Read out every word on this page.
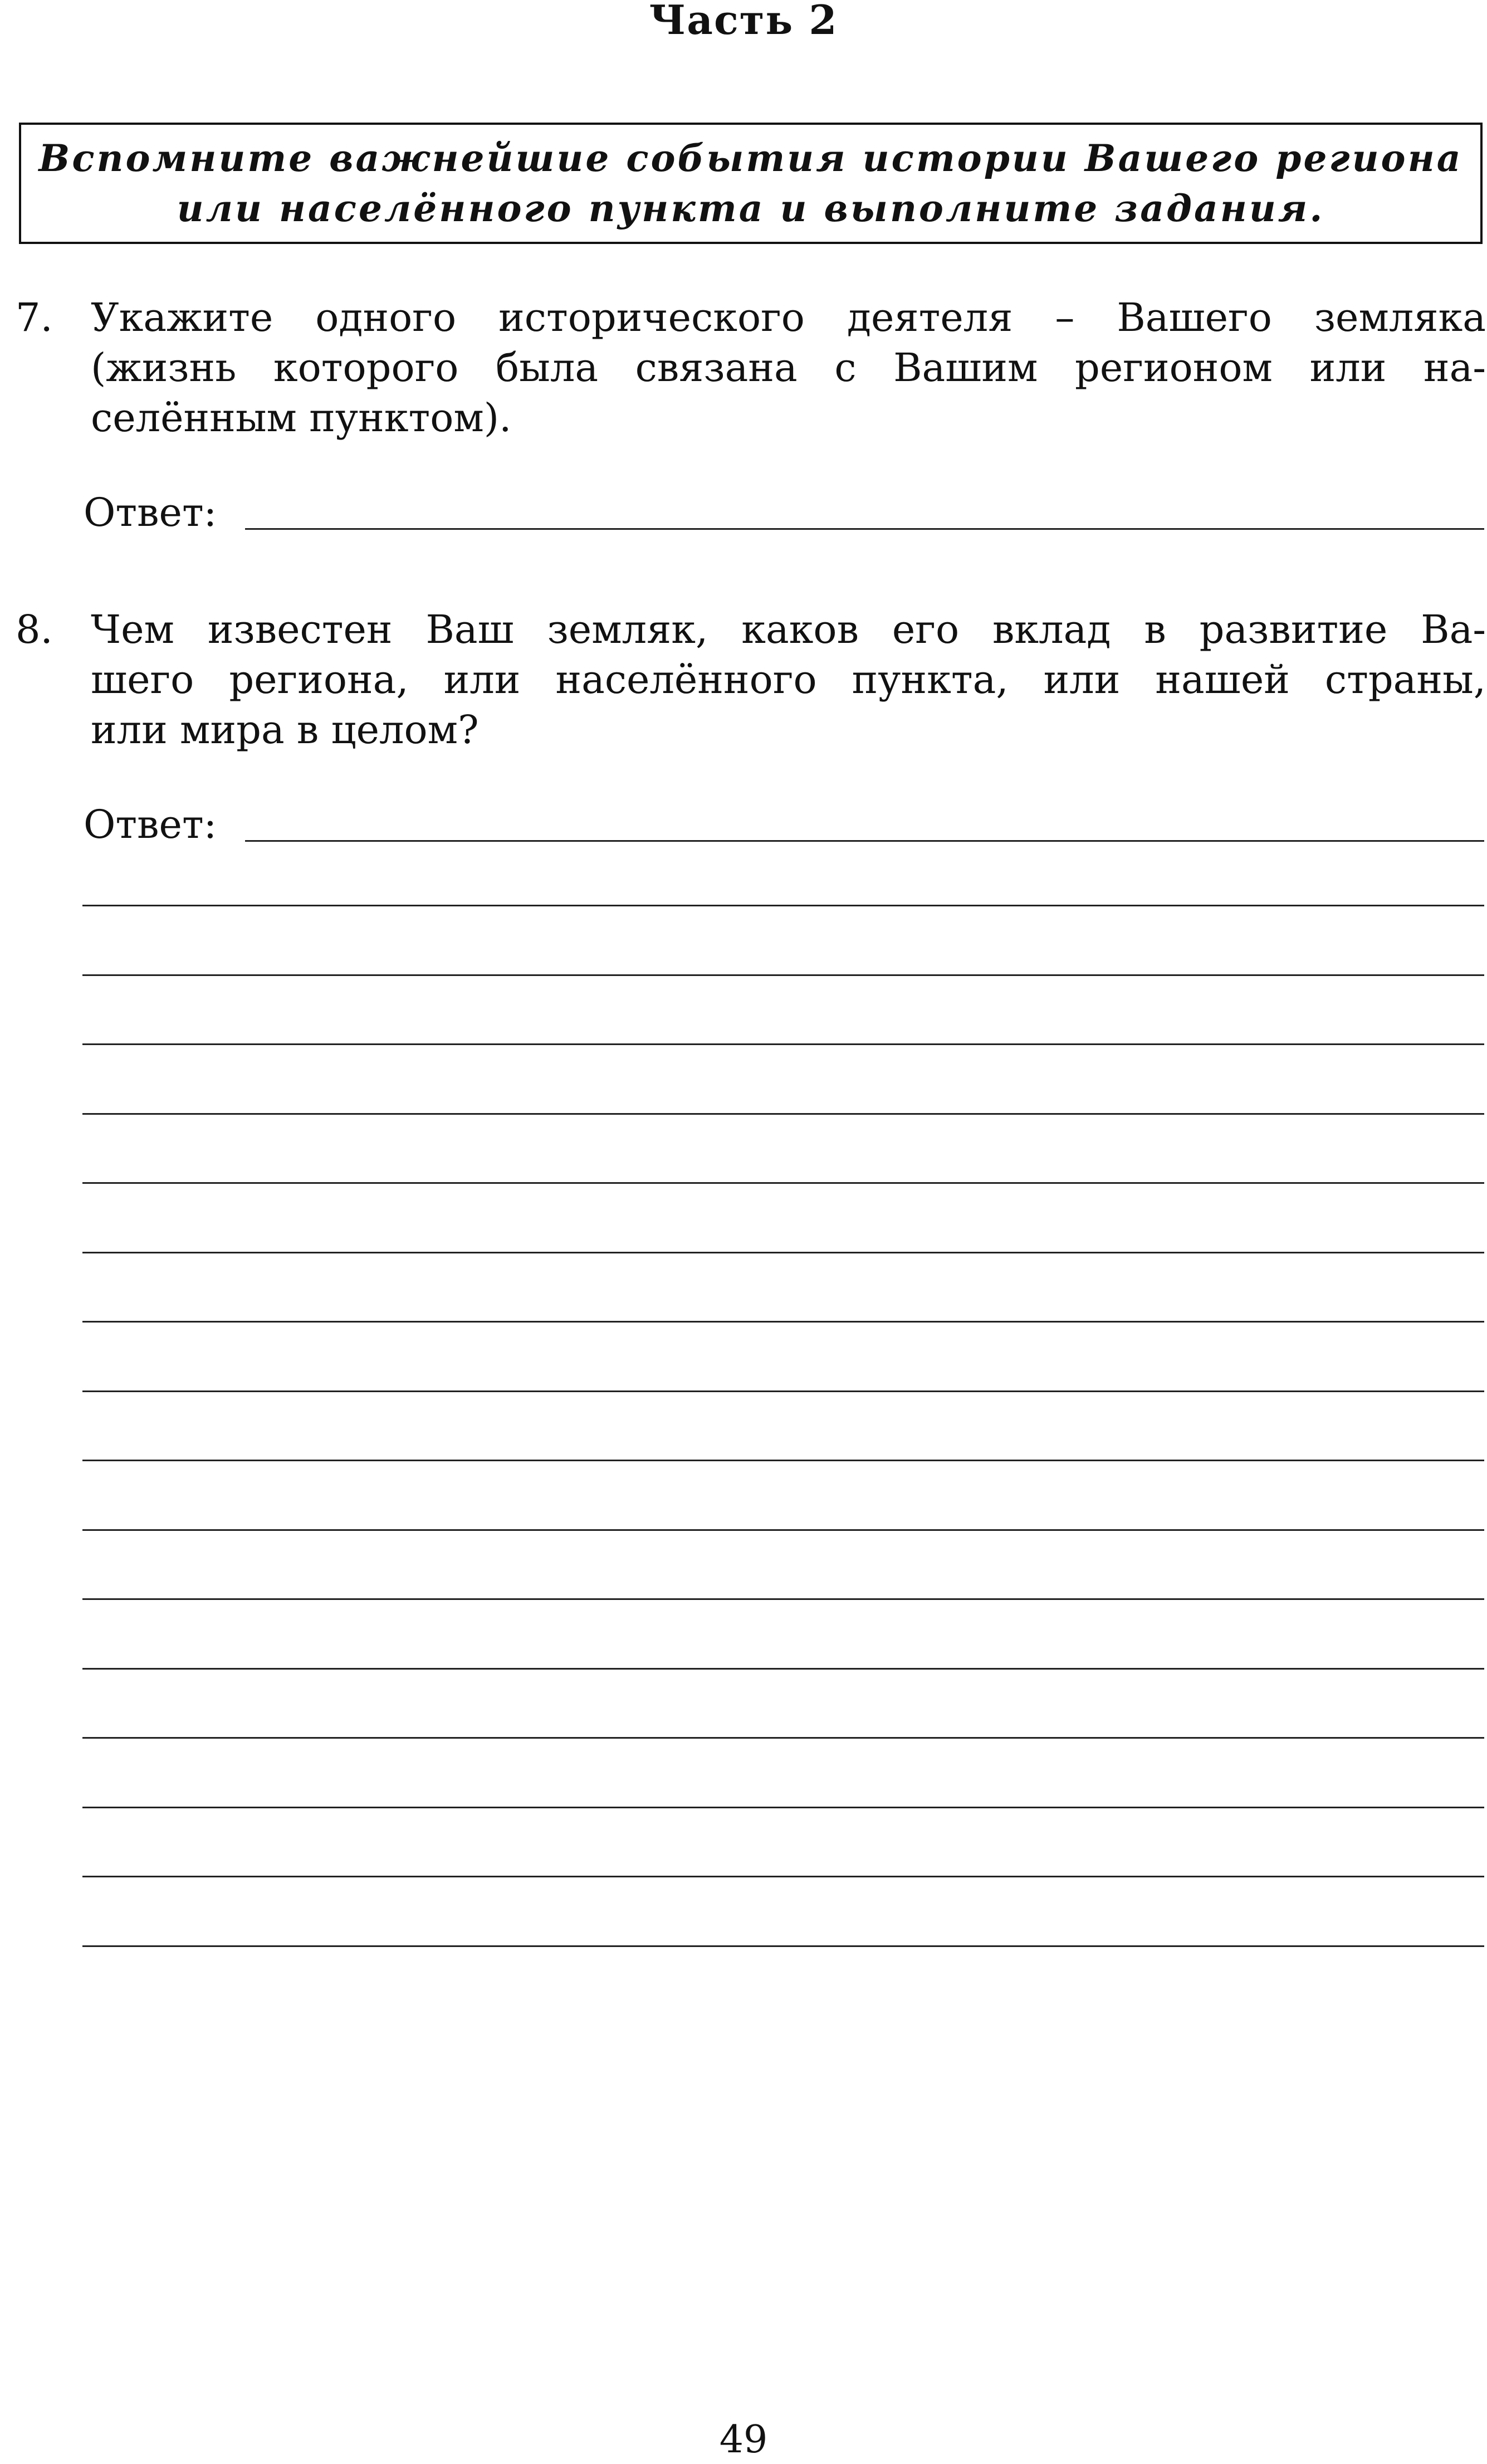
Часть 2
Вспомните важнейшие события истории Вашего региона
или населённого пункта и выполните задания.
7. Укажите одного исторического деятеля – Вашего земляка
(жизнь которого была связана с Вашим регионом или на-
селённым пунктом).
Ответ:
8. Чем известен Ваш земляк, каков его вклад в развитие Ва-
шего региона, или населённого пункта, или нашей страны,
или мира в целом?
Ответ:
49
